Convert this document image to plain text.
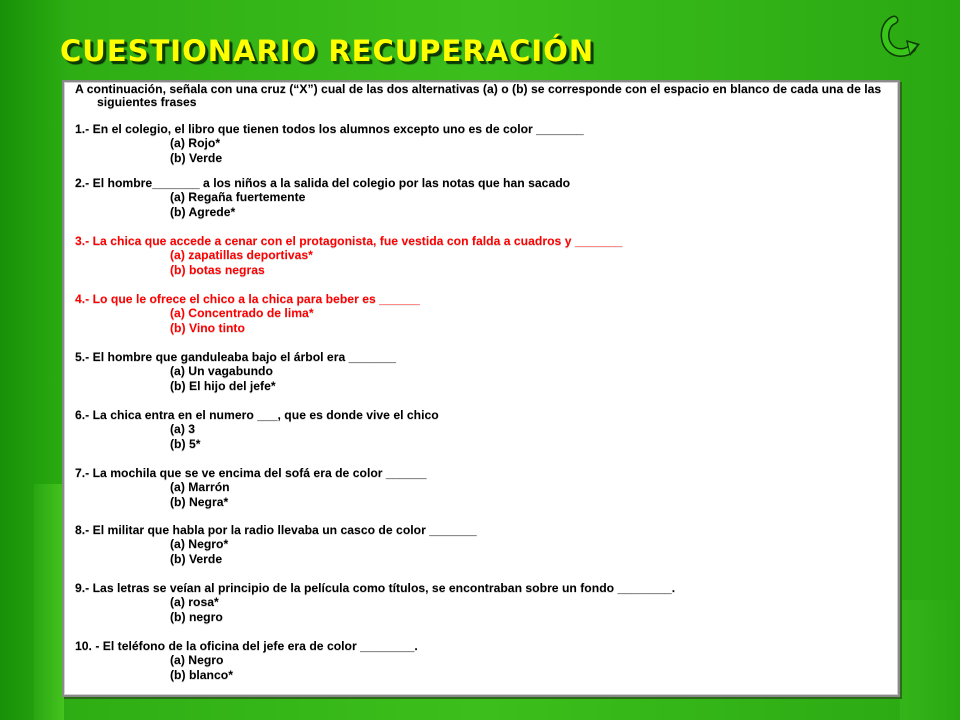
CUESTIONARIO RECUPERACIÓN

A continuación, señala con una cruz (“X”) cual de las dos alternativas (a) o (b) se corresponde con el espacio en blanco de cada una de las siguientes frases

1.- En el colegio, el libro que tienen todos los alumnos excepto uno es de color _______

(a) Rojo*

(b) Verde

2.- El hombre_______ a los niños a la salida del colegio por las notas que han sacado

(a) Regaña fuertemente

(b) Agrede*

3.- La chica que accede a cenar con el protagonista, fue vestida con falda a cuadros y _______

(a) zapatillas deportivas*

(b) botas negras

4.- Lo que le ofrece el chico a la chica para beber es ______

(a) Concentrado de lima*

(b) Vino tinto

5.- El hombre que ganduleaba bajo el árbol era _______

(a) Un vagabundo

(b) El hijo del jefe*

6.- La chica entra en el numero ___, que es donde vive el chico

(a) 3

(b) 5*

7.- La mochila que se ve encima del sofá era de color ______

(a) Marrón

(b) Negra*

8.- El militar que habla por la radio llevaba un casco de color _______

(a) Negro*

(b) Verde

9.- Las letras se veían al principio de la película como títulos, se encontraban sobre un fondo ________.

(a) rosa*

(b) negro

10. - El teléfono de la oficina del jefe era de color ________.

(a) Negro

(b) blanco*
